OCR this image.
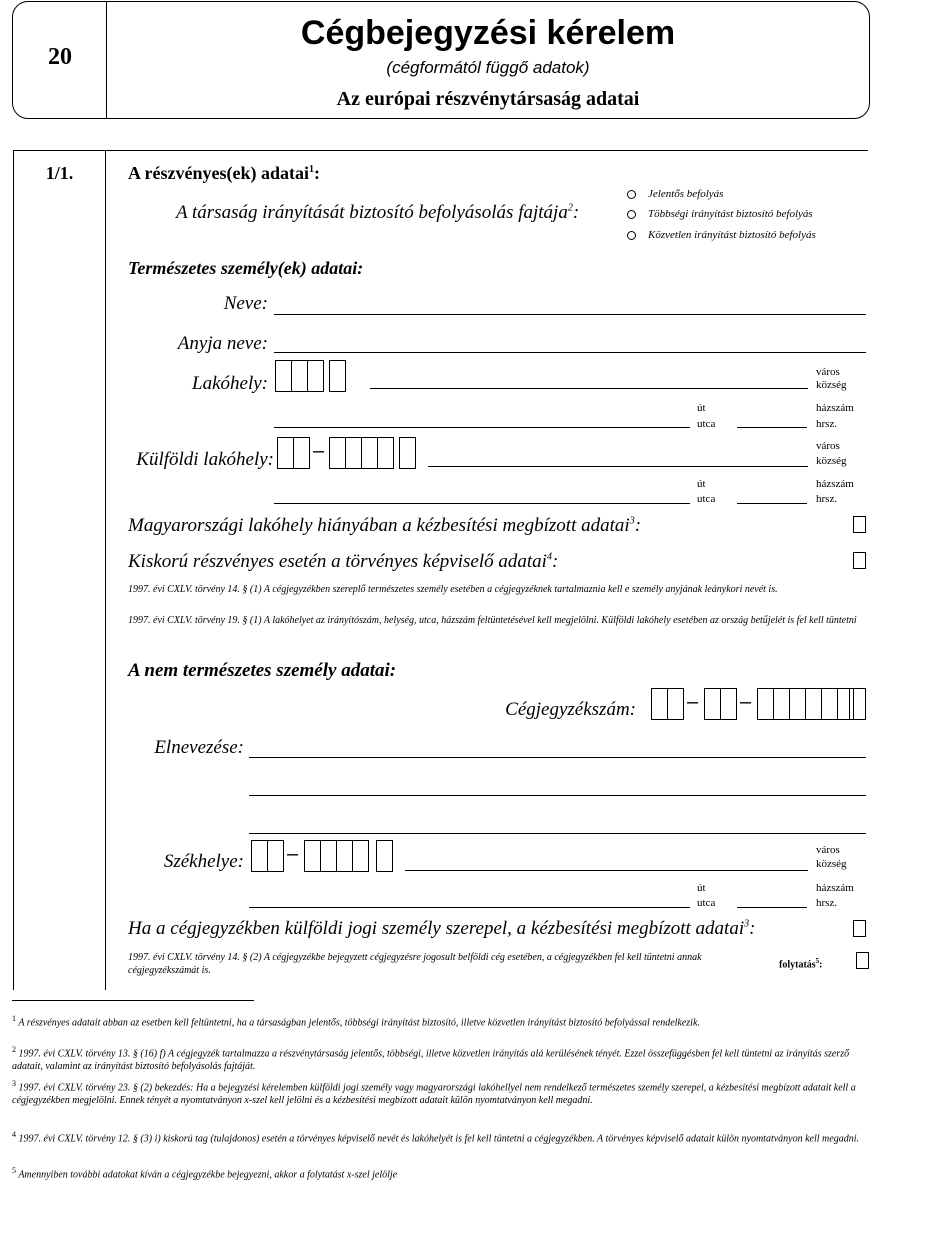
20
Cégbejegyzési kérelem
(cégformától függő adatok)
Az európai részvénytársaság adatai
1/1.	A részvényes(ek) adatai$^1$:
A társaság irányítását biztosító befolyásolás fajtája$^2$:
Jelentős befolyás
Többségi irányítást biztosító befolyás
Közvetlen irányítást biztosító befolyás
Természetes személy(ek) adatai:
Neve:
Anyja neve:
Lakóhely:
város
község
út
utca
házszám
hrsz.
Külföldi lakóhely: –	város
község
út
utca
házszám
hrsz.
Magyarországi lakóhely hiányában a kézbesítési megbízott adatai$^3$:
Kiskorú részvényes esetén a törvényes képviselő adatai$^4$:
1997. évi CXLV. törvény 14. § (1) A cégjegyzékben szereplő természetes személy esetében a cégjegyzéknek tartalmaznia kell e személy anyjának leánykori nevét is.
1997. évi CXLV. törvény 19. § (1) A lakóhelyet az irányítószám, helység, utca, házszám feltüntetésével kell megjelölni. Külföldi lakóhely esetében az ország betűjelét is fel kell tüntetni
A nem természetes személy adatai:
Cégjegyzékszám:	– –
Elnevezése:
Székhelye: –	város
község
út
utca
házszám
hrsz.
Ha a cégjegyzékben külföldi jogi személy szerepel, a kézbesítési megbízott adatai$^3$:
1997. évi CXLV. törvény 14. § (2) A cégjegyzékbe bejegyzett cégjegyzésre jogosult belföldi cég esetében, a cégjegyzékben fel kell tüntetni annak cégjegyzékszámát is.
folytatás$^5$:
$^1$ A részvényes adatait abban az esetben kell feltüntetni, ha a társaságban jelentős, többségi irányítást biztosító, illetve közvetlen irányítást biztosító befolyással rendelkezik.
$^2$ 1997. évi CXLV. törvény 13. § (16) f) A cégjegyzék tartalmazza a részvénytársaság jelentős, többségi, illetve közvetlen irányítás alá kerülésének tényét. Ezzel összefüggésben fel kell tüntetni az irányítás szerző adatait, valamint az irányítást biztosító befolyásolás fajtáját.
$^3$ 1997. évi CXLV. törvény 23. § (2) bekezdés: Ha a bejegyzési kérelemben külföldi jogi személy vagy magyarországi lakóhellyel nem rendelkező természetes személy szerepel, a kézbesítési megbízott adatait kell a cégjegyzékben megjelölni. Ennek tényét a nyomtatványon x-szel kell jelölni és a kézbesítési megbízott adatait külön nyomtatványon kell megadni.
$^4$ 1997. évi CXLV. törvény 12. § (3) i) kiskorú tag (tulajdonos) esetén a törvényes képviselő nevét és lakóhelyét is fel kell tüntetni a cégjegyzékben. A törvényes képviselő adatait külön nyomtatványon kell megadni.
$^5$ Amennyiben további adatokat kíván a cégjegyzékbe bejegyezni, akkor a folytatást x-szel jelölje
